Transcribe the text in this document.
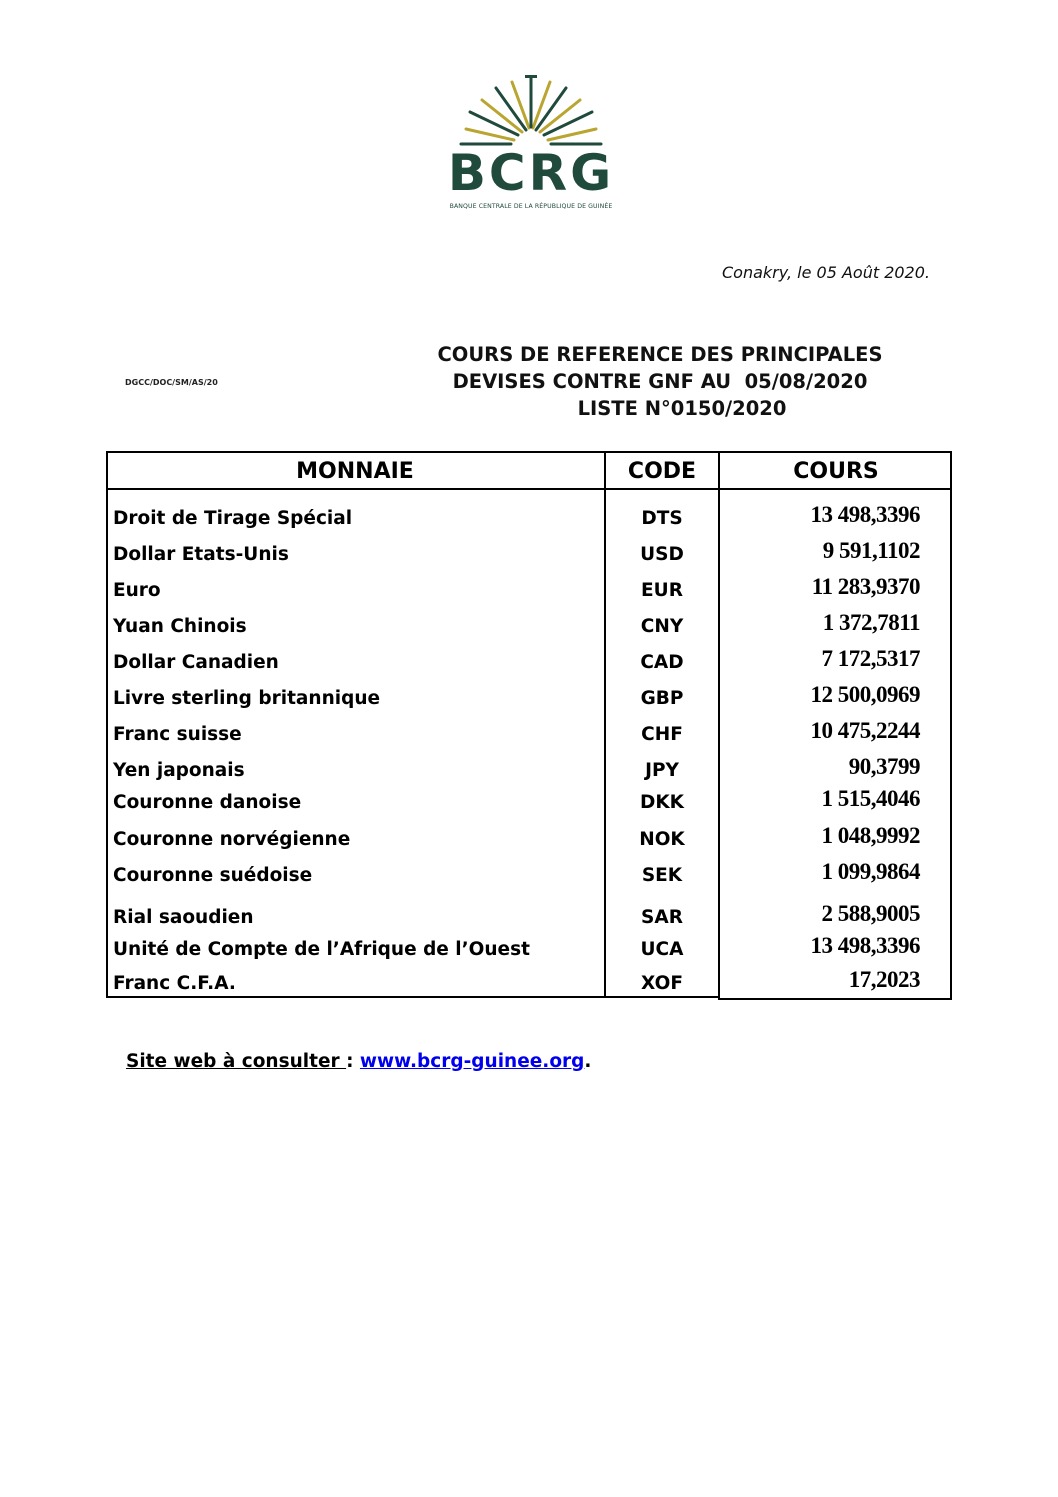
BCRG
BANQUE CENTRALE DE LA RÉPUBLIQUE DE GUINÉE
Conakry, le 05 Août 2020.
DGCC/DOC/SM/AS/20
COURS DE REFERENCE DES PRINCIPALES
DEVISES CONTRE GNF AU  05/08/2020
LISTE N°0150/2020
MONNAIE	CODE	COURS
Droit de Tirage Spécial	DTS	13 498,3396
Dollar Etats-Unis	USD	9 591,1102
Euro	EUR	11 283,9370
Yuan Chinois	CNY	1 372,7811
Dollar Canadien	CAD	7 172,5317
Livre sterling britannique	GBP	12 500,0969
Franc suisse	CHF	10 475,2244
Yen japonais	JPY	90,3799
Couronne danoise	DKK	1 515,4046
Couronne norvégienne	NOK	1 048,9992
Couronne suédoise	SEK	1 099,9864
Rial saoudien	SAR	2 588,9005
Unité de Compte de l’Afrique de l’Ouest	UCA	13 498,3396
Franc C.F.A.	XOF	17,2023
Site web à consulter : www.bcrg-guinee.org.
